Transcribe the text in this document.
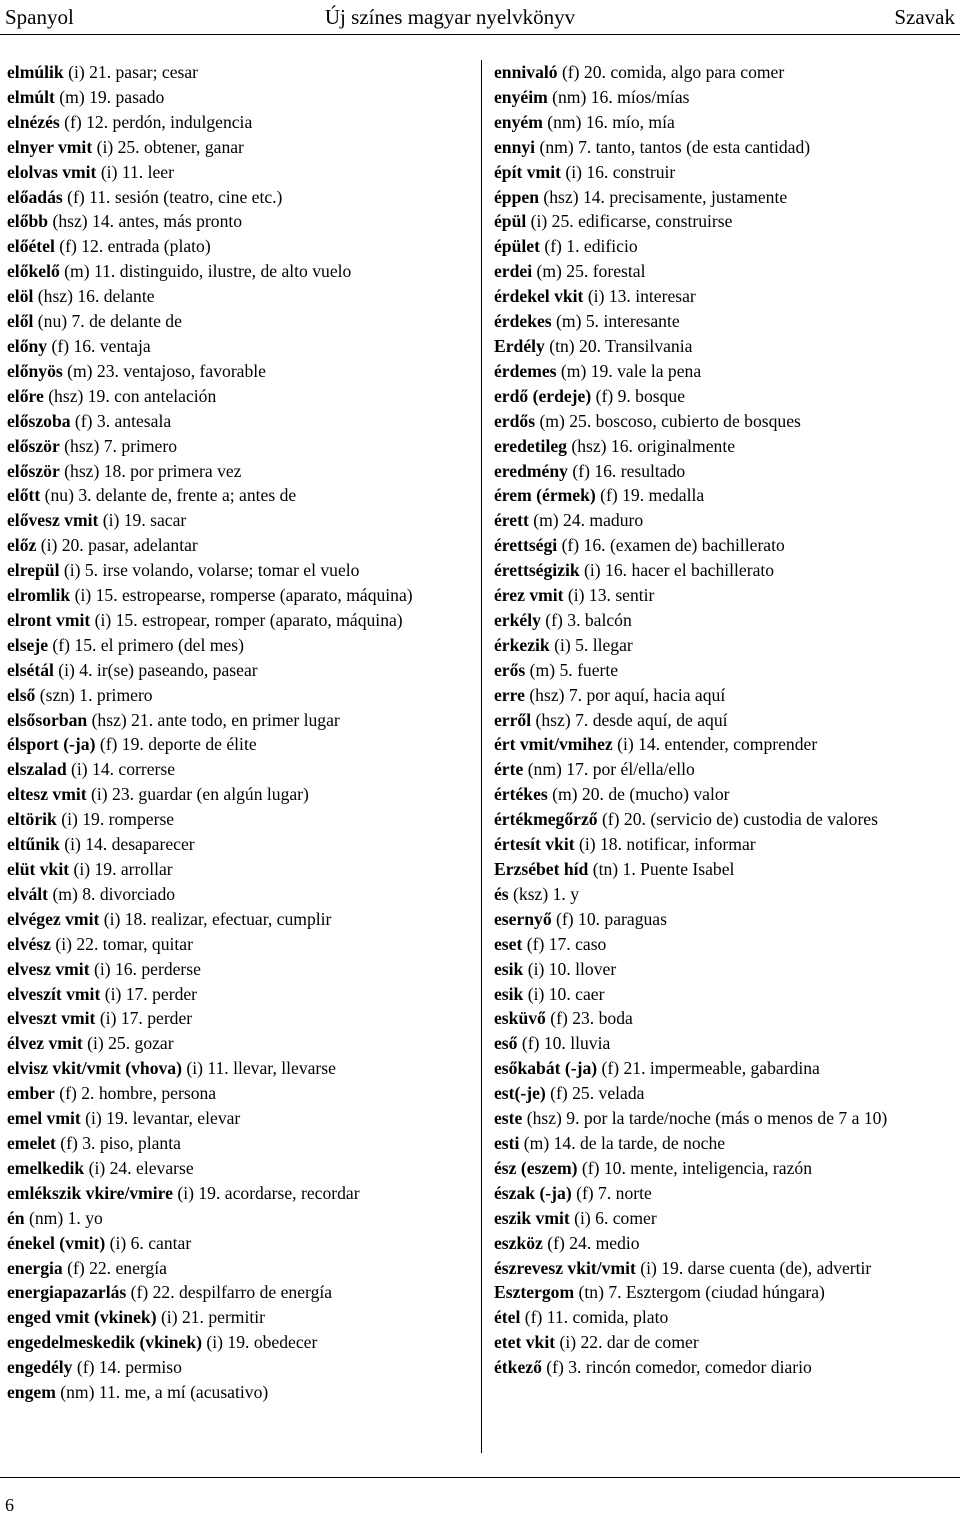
Spanyol	Új színes magyar nyelvkönyv	Szavak
elmúlik (i) 21. pasar; cesar
elmúlt (m) 19. pasado
elnézés (f) 12. perdón, indulgencia
elnyer vmit (i) 25. obtener, ganar
elolvas vmit (i) 11. leer
előadás (f) 11. sesión (teatro, cine etc.)
előbb (hsz) 14. antes, más pronto
előétel (f) 12. entrada (plato)
előkelő (m) 11. distinguido, ilustre, de alto vuelo
elöl (hsz) 16. delante
elől (nu) 7. de delante de
előny (f) 16. ventaja
előnyös (m) 23. ventajoso, favorable
előre (hsz) 19. con antelación
előszoba (f) 3. antesala
először (hsz) 7. primero
először (hsz) 18. por primera vez
előtt (nu) 3. delante de, frente a; antes de
elővesz vmit (i) 19. sacar
előz (i) 20. pasar, adelantar
elrepül (i) 5. irse volando, volarse; tomar el vuelo
elromlik (i) 15. estropearse, romperse (aparato, máquina)
elront vmit (i) 15. estropear, romper (aparato, máquina)
elseje (f) 15. el primero (del mes)
elsétál (i) 4. ir(se) paseando, pasear
első (szn) 1. primero
elsősorban (hsz) 21. ante todo, en primer lugar
élsport (-ja) (f) 19. deporte de élite
elszalad (i) 14. correrse
eltesz vmit (i) 23. guardar (en algún lugar)
eltörik (i) 19. romperse
eltűnik (i) 14. desaparecer
elüt vkit (i) 19. arrollar
elvált (m) 8. divorciado
elvégez vmit (i) 18. realizar, efectuar, cumplir
elvész (i) 22. tomar, quitar
elvesz vmit (i) 16. perderse
elveszít vmit (i) 17. perder
elveszt vmit (i) 17. perder
élvez vmit (i) 25. gozar
elvisz vkit/vmit (vhova) (i) 11. llevar, llevarse
ember (f) 2. hombre, persona
emel vmit (i) 19. levantar, elevar
emelet (f) 3. piso, planta
emelkedik (i) 24. elevarse
emlékszik vkire/vmire (i) 19. acordarse, recordar
én (nm) 1. yo
énekel (vmit) (i) 6. cantar
energia (f) 22. energía
energiapazarlás (f) 22. despilfarro de energía
enged vmit (vkinek) (i) 21. permitir
engedelmeskedik (vkinek) (i) 19. obedecer
engedély (f) 14. permiso
engem (nm) 11. me, a mí (acusativo)
ennivaló (f) 20. comida, algo para comer
enyéim (nm) 16. míos/mías
enyém (nm) 16. mío, mía
ennyi (nm) 7. tanto, tantos (de esta cantidad)
épít vmit (i) 16. construir
éppen (hsz) 14. precisamente, justamente
épül (i) 25. edificarse, construirse
épület (f) 1. edificio
erdei (m) 25. forestal
érdekel vkit (i) 13. interesar
érdekes (m) 5. interesante
Erdély (tn) 20. Transilvania
érdemes (m) 19. vale la pena
erdő (erdeje) (f) 9. bosque
erdős (m) 25. boscoso, cubierto de bosques
eredetileg (hsz) 16. originalmente
eredmény (f) 16. resultado
érem (érmek) (f) 19. medalla
érett (m) 24. maduro
érettségi (f) 16. (examen de) bachillerato
érettségizik (i) 16. hacer el bachillerato
érez vmit (i) 13. sentir
erkély (f) 3. balcón
érkezik (i) 5. llegar
erős (m) 5. fuerte
erre (hsz) 7. por aquí, hacia aquí
erről (hsz) 7. desde aquí, de aquí
ért vmit/vmihez (i) 14. entender, comprender
érte (nm) 17. por él/ella/ello
értékes (m) 20. de (mucho) valor
értékmegőrző (f) 20. (servicio de) custodia de valores
értesít vkit (i) 18. notificar, informar
Erzsébet híd (tn) 1. Puente Isabel
és (ksz) 1. y
esernyő (f) 10. paraguas
eset (f) 17. caso
esik (i) 10. llover
esik (i) 10. caer
esküvő (f) 23. boda
eső (f) 10. lluvia
esőkabát (-ja) (f) 21. impermeable, gabardina
est(-je) (f) 25. velada
este (hsz) 9. por la tarde/noche (más o menos de 7 a 10)
esti (m) 14. de la tarde, de noche
ész (eszem) (f) 10. mente, inteligencia, razón
észak (-ja) (f) 7. norte
eszik vmit (i) 6. comer
eszköz (f) 24. medio
észrevesz vkit/vmit (i) 19. darse cuenta (de), advertir
Esztergom (tn) 7. Esztergom (ciudad húngara)
étel (f) 11. comida, plato
etet vkit (i) 22. dar de comer
étkező (f) 3. rincón comedor, comedor diario
6
